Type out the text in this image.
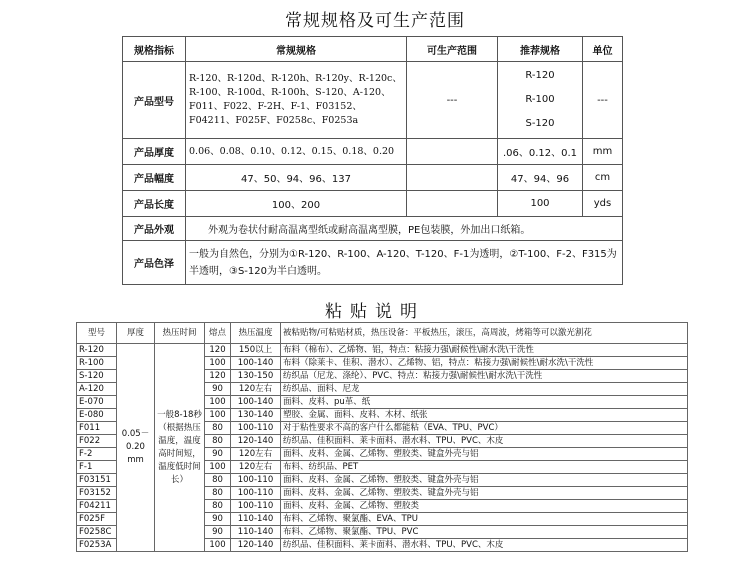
常规规格及可生产范围
规格指标	常规规格	可生产范围	推荐规格	单位
产品型号	R-120、R-120d、R-120h、R-120y、R-120c、R-100、R-100d、R-100h、S-120、A-120、F011、F022、F-2H、F-1、F03152、F04211、F025F、F0258c、F0253a	---	R-120
R-100
S-120	---
产品厚度	0.06、0.08、0.10、0.12、0.15、0.18、0.20		.06、0.12、0.1	mm
产品幅度	47、50、94、96、137		47、94、96	cm
产品长度	100、200		100	yds
产品外观	外观为卷状付耐高温离型纸或耐高温离型膜，PE包装膜，外加出口纸箱。			
产品色泽	一般为自然色，分别为①R-120、R-100、A-120、T-120、F-1为透明，②T-100、F-2、F315为半透明，③S-120为半白透明。			
粘贴说明
型号	厚度	热压时间	熔点	热压温度	被粘贴物/可粘贴材质，热压设备：平板热压，滚压，高周波，烤箱等可以激光割花
R-120	0.05－0.20 mm	一般8-18秒（根据热压温度，温度高时间短，温度低时间长）	120	150以上	布料（棉布）、乙烯物、铝，特点：粘接力强\耐候性\耐水洗\干洗性
R-100			100	100-140	布料（除莱卡、佳积、潜水）、乙烯物、铝，特点：粘接力强\耐候性\耐水洗\干洗性
S-120			120	130-150	纺织品（尼龙、涤纶）、PVC、特点：粘接力强\耐候性\耐水洗\干洗性
A-120			90	120左右	纺织品、面料、尼龙
E-070			100	100-140	面料、皮料、pu革、纸
E-080			100	130-140	塑胶、金属、面料、皮料、木材、纸张
F011			80	100-110	对于粘性要求不高的客户什么都能粘（EVA、TPU、PVC）
F022			80	120-140	纺织品、佳积面料、莱卡面料、潜水料、TPU、PVC、木皮
F-2			90	120左右	面料、皮料、金属、乙烯物、塑胶类、键盒外壳与铝
F-1			100	120左右	布料、纺织品、PET
F03151			80	100-110	面料、皮料、金属、乙烯物、塑胶类、键盒外壳与铝
F03152			80	100-110	面料、皮料、金属、乙烯物、塑胶类、键盒外壳与铝
F04211			80	100-110	面料、皮料、金属、乙烯物、塑胶类
F025F			90	110-140	布料、乙烯物、聚氯酯、EVA、TPU
F0258C			90	110-140	布料、乙烯物、聚氯酯、TPU、PVC
F0253A			100	120-140	纺织品、佳积面料、莱卡面料、潜水料、TPU、PVC、木皮
